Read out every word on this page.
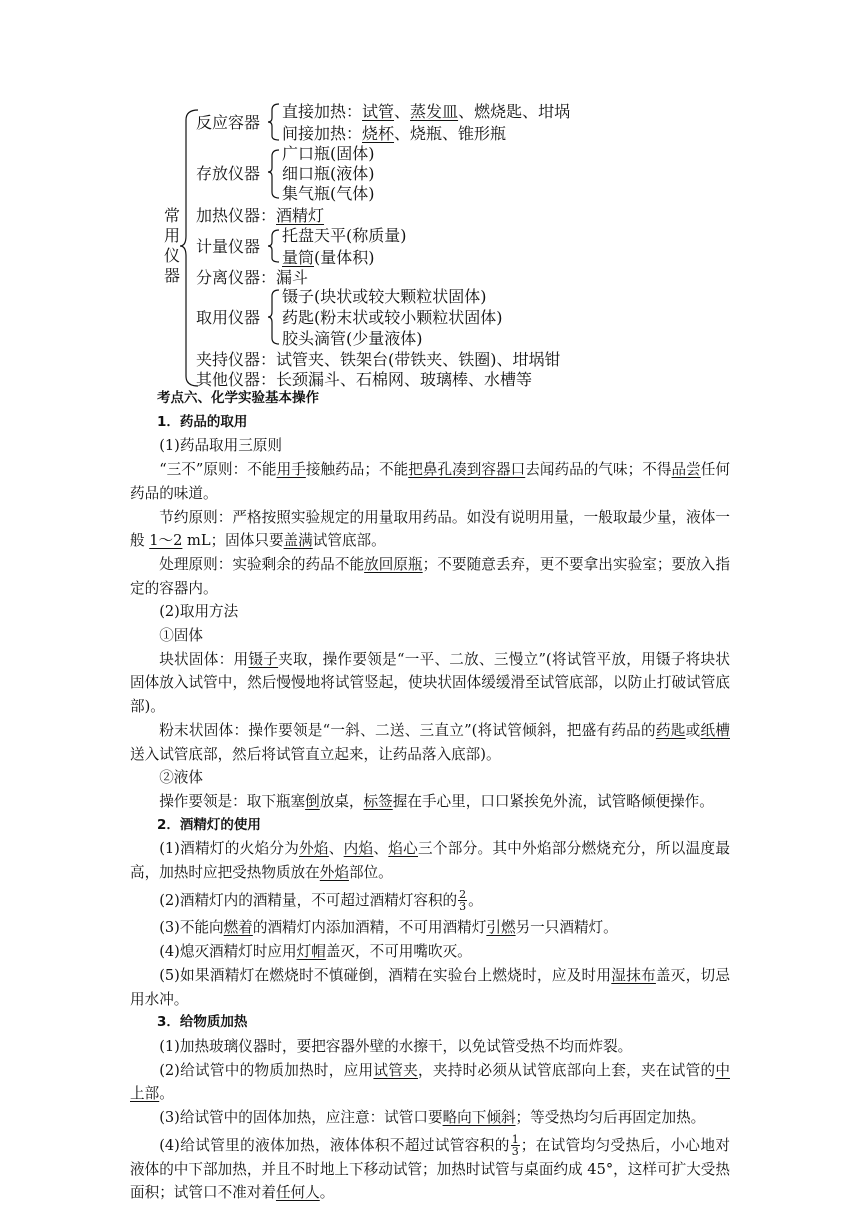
常
用
仪
器
反应容器
直接加热：试管、蒸发皿、燃烧匙、坩埚
间接加热：烧杯、烧瓶、锥形瓶
存放仪器
广口瓶(固体)
细口瓶(液体)
集气瓶(气体)
加热仪器：酒精灯
计量仪器
托盘天平(称质量)
量筒(量体积)
分离仪器：漏斗
取用仪器
镊子(块状或较大颗粒状固体)
药匙(粉末状或较小颗粒状固体)
胶头滴管(少量液体)
夹持仪器：试管夹、铁架台(带铁夹、铁圈)、坩埚钳
其他仪器：长颈漏斗、石棉网、玻璃棒、水槽等

考点六、化学实验基本操作

1．药品的取用

(1)药品取用三原则

“三不”原则：不能用手接触药品；不能把鼻孔凑到容器口去闻药品的气味；不得品尝任何药品的味道。

节约原则：严格按照实验规定的用量取用药品。如没有说明用量，一般取最少量，液体一般 1～2 mL；固体只要盖满试管底部。

处理原则：实验剩余的药品不能放回原瓶；不要随意丢弃，更不要拿出实验室；要放入指定的容器内。

(2)取用方法

①固体

块状固体：用镊子夹取，操作要领是“一平、二放、三慢立”(将试管平放，用镊子将块状固体放入试管中，然后慢慢地将试管竖起，使块状固体缓缓滑至试管底部，以防止打破试管底部)。

粉末状固体：操作要领是“一斜、二送、三直立”(将试管倾斜，把盛有药品的药匙或纸槽送入试管底部，然后将试管直立起来，让药品落入底部)。

②液体

操作要领是：取下瓶塞倒放桌，标签握在手心里，口口紧挨免外流，试管略倾便操作。

2．酒精灯的使用

(1)酒精灯的火焰分为外焰、内焰、焰心三个部分。其中外焰部分燃烧充分，所以温度最高，加热时应把受热物质放在外焰部位。

(2)酒精灯内的酒精量，不可超过酒精灯容积的 $\frac{2}{3}$ 。

(3)不能向燃着的酒精灯内添加酒精，不可用酒精灯引燃另一只酒精灯。

(4)熄灭酒精灯时应用灯帽盖灭，不可用嘴吹灭。

(5)如果酒精灯在燃烧时不慎碰倒，酒精在实验台上燃烧时，应及时用湿抹布盖灭，切忌用水冲。

3．给物质加热

(1)加热玻璃仪器时，要把容器外壁的水擦干，以免试管受热不均而炸裂。

(2)给试管中的物质加热时，应用试管夹，夹持时必须从试管底部向上套，夹在试管的中上部。

(3)给试管中的固体加热，应注意：试管口要略向下倾斜；等受热均匀后再固定加热。

(4)给试管里的液体加热，液体体积不超过试管容积的 $\frac{1}{3}$ ；在试管均匀受热后，小心地对液体的中下部加热，并且不时地上下移动试管；加热时试管与桌面约成 45°，这样可扩大受热面积；试管口不准对着任何人。
